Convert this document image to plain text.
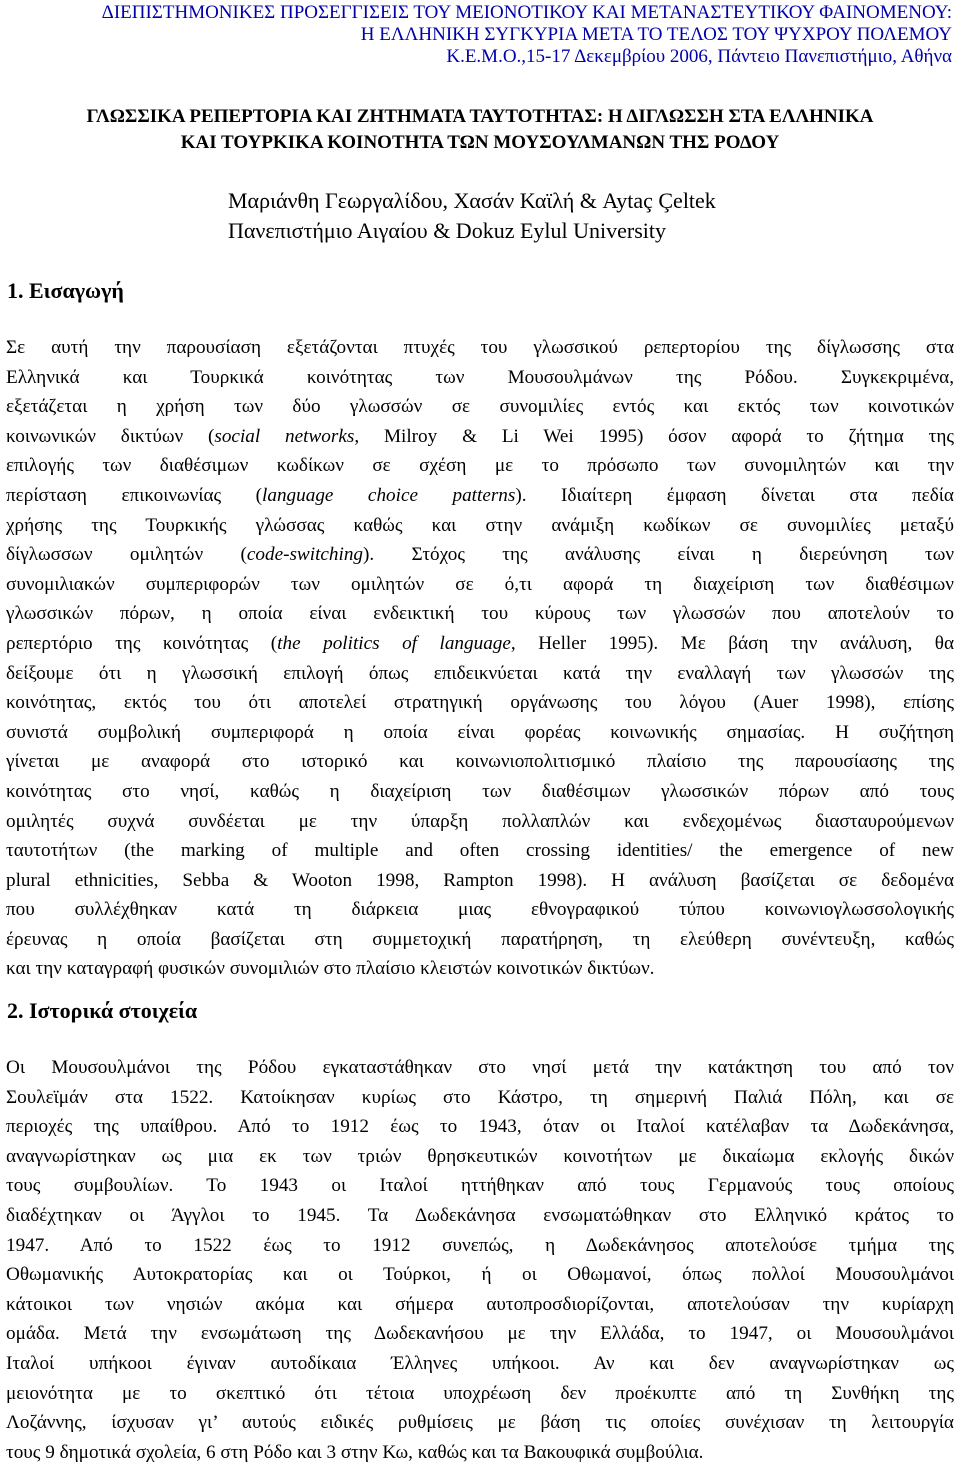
ΔΙΕΠΙΣΤΗΜΟΝΙΚΕΣ ΠΡΟΣΕΓΓΙΣΕΙΣ ΤΟΥ ΜΕΙΟΝΟΤΙΚΟΥ ΚΑΙ ΜΕΤΑΝΑΣΤΕΥΤΙΚΟΥ ΦΑΙΝΟΜΕΝΟΥ:
Η ΕΛΛΗΝΙΚΗ ΣΥΓΚΥΡΙΑ ΜΕΤΑ ΤΟ ΤΕΛΟΣ ΤΟΥ ΨΥΧΡΟΥ ΠΟΛΕΜΟΥ
Κ.Ε.Μ.Ο.,15-17 Δεκεμβρίου 2006, Πάντειο Πανεπιστήμιο, Αθήνα
ΓΛΩΣΣΙΚΑ ΡΕΠΕΡΤΟΡΙΑ ΚΑΙ ΖΗΤΗΜΑΤΑ ΤΑΥΤΟΤΗΤΑΣ: Η ΔΙΓΛΩΣΣΗ ΣΤΑ ΕΛΛΗΝΙΚΑ
ΚΑΙ ΤΟΥΡΚΙΚΑ ΚΟΙΝΟΤΗΤΑ ΤΩΝ ΜΟΥΣΟΥΛΜΑΝΩΝ ΤΗΣ ΡΟΔΟΥ
Μαριάνθη Γεωργαλίδου, Χασάν Καϊλή & Aytaç Çeltek
Πανεπιστήμιο Αιγαίου & Dokuz Eylul University
1. Εισαγωγή
Σε αυτή την παρουσίαση εξετάζονται πτυχές του γλωσσικού ρεπερτορίου της δίγλωσσης στα
Ελληνικά και Τουρκικά κοινότητας των Μουσουλμάνων της Ρόδου. Συγκεκριμένα,
εξετάζεται η χρήση των δύο γλωσσών σε συνομιλίες εντός και εκτός των κοινοτικών
κοινωνικών δικτύων (social networks, Milroy & Li Wei 1995) όσον αφορά το ζήτημα της
επιλογής των διαθέσιμων κωδίκων σε σχέση με το πρόσωπο των συνομιλητών και την
περίσταση επικοινωνίας (language choice patterns). Ιδιαίτερη έμφαση δίνεται στα πεδία
χρήσης της Τουρκικής γλώσσας καθώς και στην ανάμιξη κωδίκων σε συνομιλίες μεταξύ
δίγλωσσων ομιλητών (code-switching). Στόχος της ανάλυσης είναι η διερεύνηση των
συνομιλιακών συμπεριφορών των ομιλητών σε ό,τι αφορά τη διαχείριση των διαθέσιμων
γλωσσικών πόρων, η οποία είναι ενδεικτική του κύρους των γλωσσών που αποτελούν το
ρεπερτόριο της κοινότητας (the politics of language, Heller 1995). Με βάση την ανάλυση, θα
δείξουμε ότι η γλωσσική επιλογή όπως επιδεικνύεται κατά την εναλλαγή των γλωσσών της
κοινότητας, εκτός του ότι αποτελεί στρατηγική οργάνωσης του λόγου (Auer 1998), επίσης
συνιστά συμβολική συμπεριφορά η οποία είναι φορέας κοινωνικής σημασίας. Η συζήτηση
γίνεται με αναφορά στο ιστορικό και κοινωνιοπολιτισμικό πλαίσιο της παρουσίασης της
κοινότητας στο νησί, καθώς η διαχείριση των διαθέσιμων γλωσσικών πόρων από τους
ομιλητές συχνά συνδέεται με την ύπαρξη πολλαπλών και ενδεχομένως διασταυρούμενων
ταυτοτήτων (the marking of multiple and often crossing identities/ the emergence of new
plural ethnicities, Sebba & Wooton 1998, Rampton 1998). Η ανάλυση βασίζεται σε δεδομένα
που συλλέχθηκαν κατά τη διάρκεια μιας εθνογραφικού τύπου κοινωνιογλωσσολογικής
έρευνας η οποία βασίζεται στη συμμετοχική παρατήρηση, τη ελεύθερη συνέντευξη, καθώς
και την καταγραφή φυσικών συνομιλιών στο πλαίσιο κλειστών κοινοτικών δικτύων.
2. Ιστορικά στοιχεία
Οι Μουσουλμάνοι της Ρόδου εγκαταστάθηκαν στο νησί μετά την κατάκτηση του από τον
Σουλεϊμάν στα 1522. Κατοίκησαν κυρίως στο Κάστρο, τη σημερινή Παλιά Πόλη, και σε
περιοχές της υπαίθρου. Από το 1912 έως το 1943, όταν οι Ιταλοί κατέλαβαν τα Δωδεκάνησα,
αναγνωρίστηκαν ως μια εκ των τριών θρησκευτικών κοινοτήτων με δικαίωμα εκλογής δικών
τους συμβουλίων. Το 1943 οι Ιταλοί ηττήθηκαν από τους Γερμανούς τους οποίους
διαδέχτηκαν οι Άγγλοι το 1945. Τα Δωδεκάνησα ενσωματώθηκαν στο Ελληνικό κράτος το
1947. Από το 1522 έως το 1912 συνεπώς, η Δωδεκάνησος αποτελούσε τμήμα της
Οθωμανικής Αυτοκρατορίας και οι Τούρκοι, ή οι Οθωμανοί, όπως πολλοί Μουσουλμάνοι
κάτοικοι των νησιών ακόμα και σήμερα αυτοπροσδιορίζονται, αποτελούσαν την κυρίαρχη
ομάδα. Μετά την ενσωμάτωση της Δωδεκανήσου με την Ελλάδα, το 1947, οι Μουσουλμάνοι
Ιταλοί υπήκοοι έγιναν αυτοδίκαια Έλληνες υπήκοοι. Αν και δεν αναγνωρίστηκαν ως
μειονότητα με το σκεπτικό ότι τέτοια υποχρέωση δεν προέκυπτε από τη Συνθήκη της
Λοζάννης, ίσχυσαν γι’ αυτούς ειδικές ρυθμίσεις με βάση τις οποίες συνέχισαν τη λειτουργία
τους 9 δημοτικά σχολεία, 6 στη Ρόδο και 3 στην Κω, καθώς και τα Βακουφικά συμβούλια.
